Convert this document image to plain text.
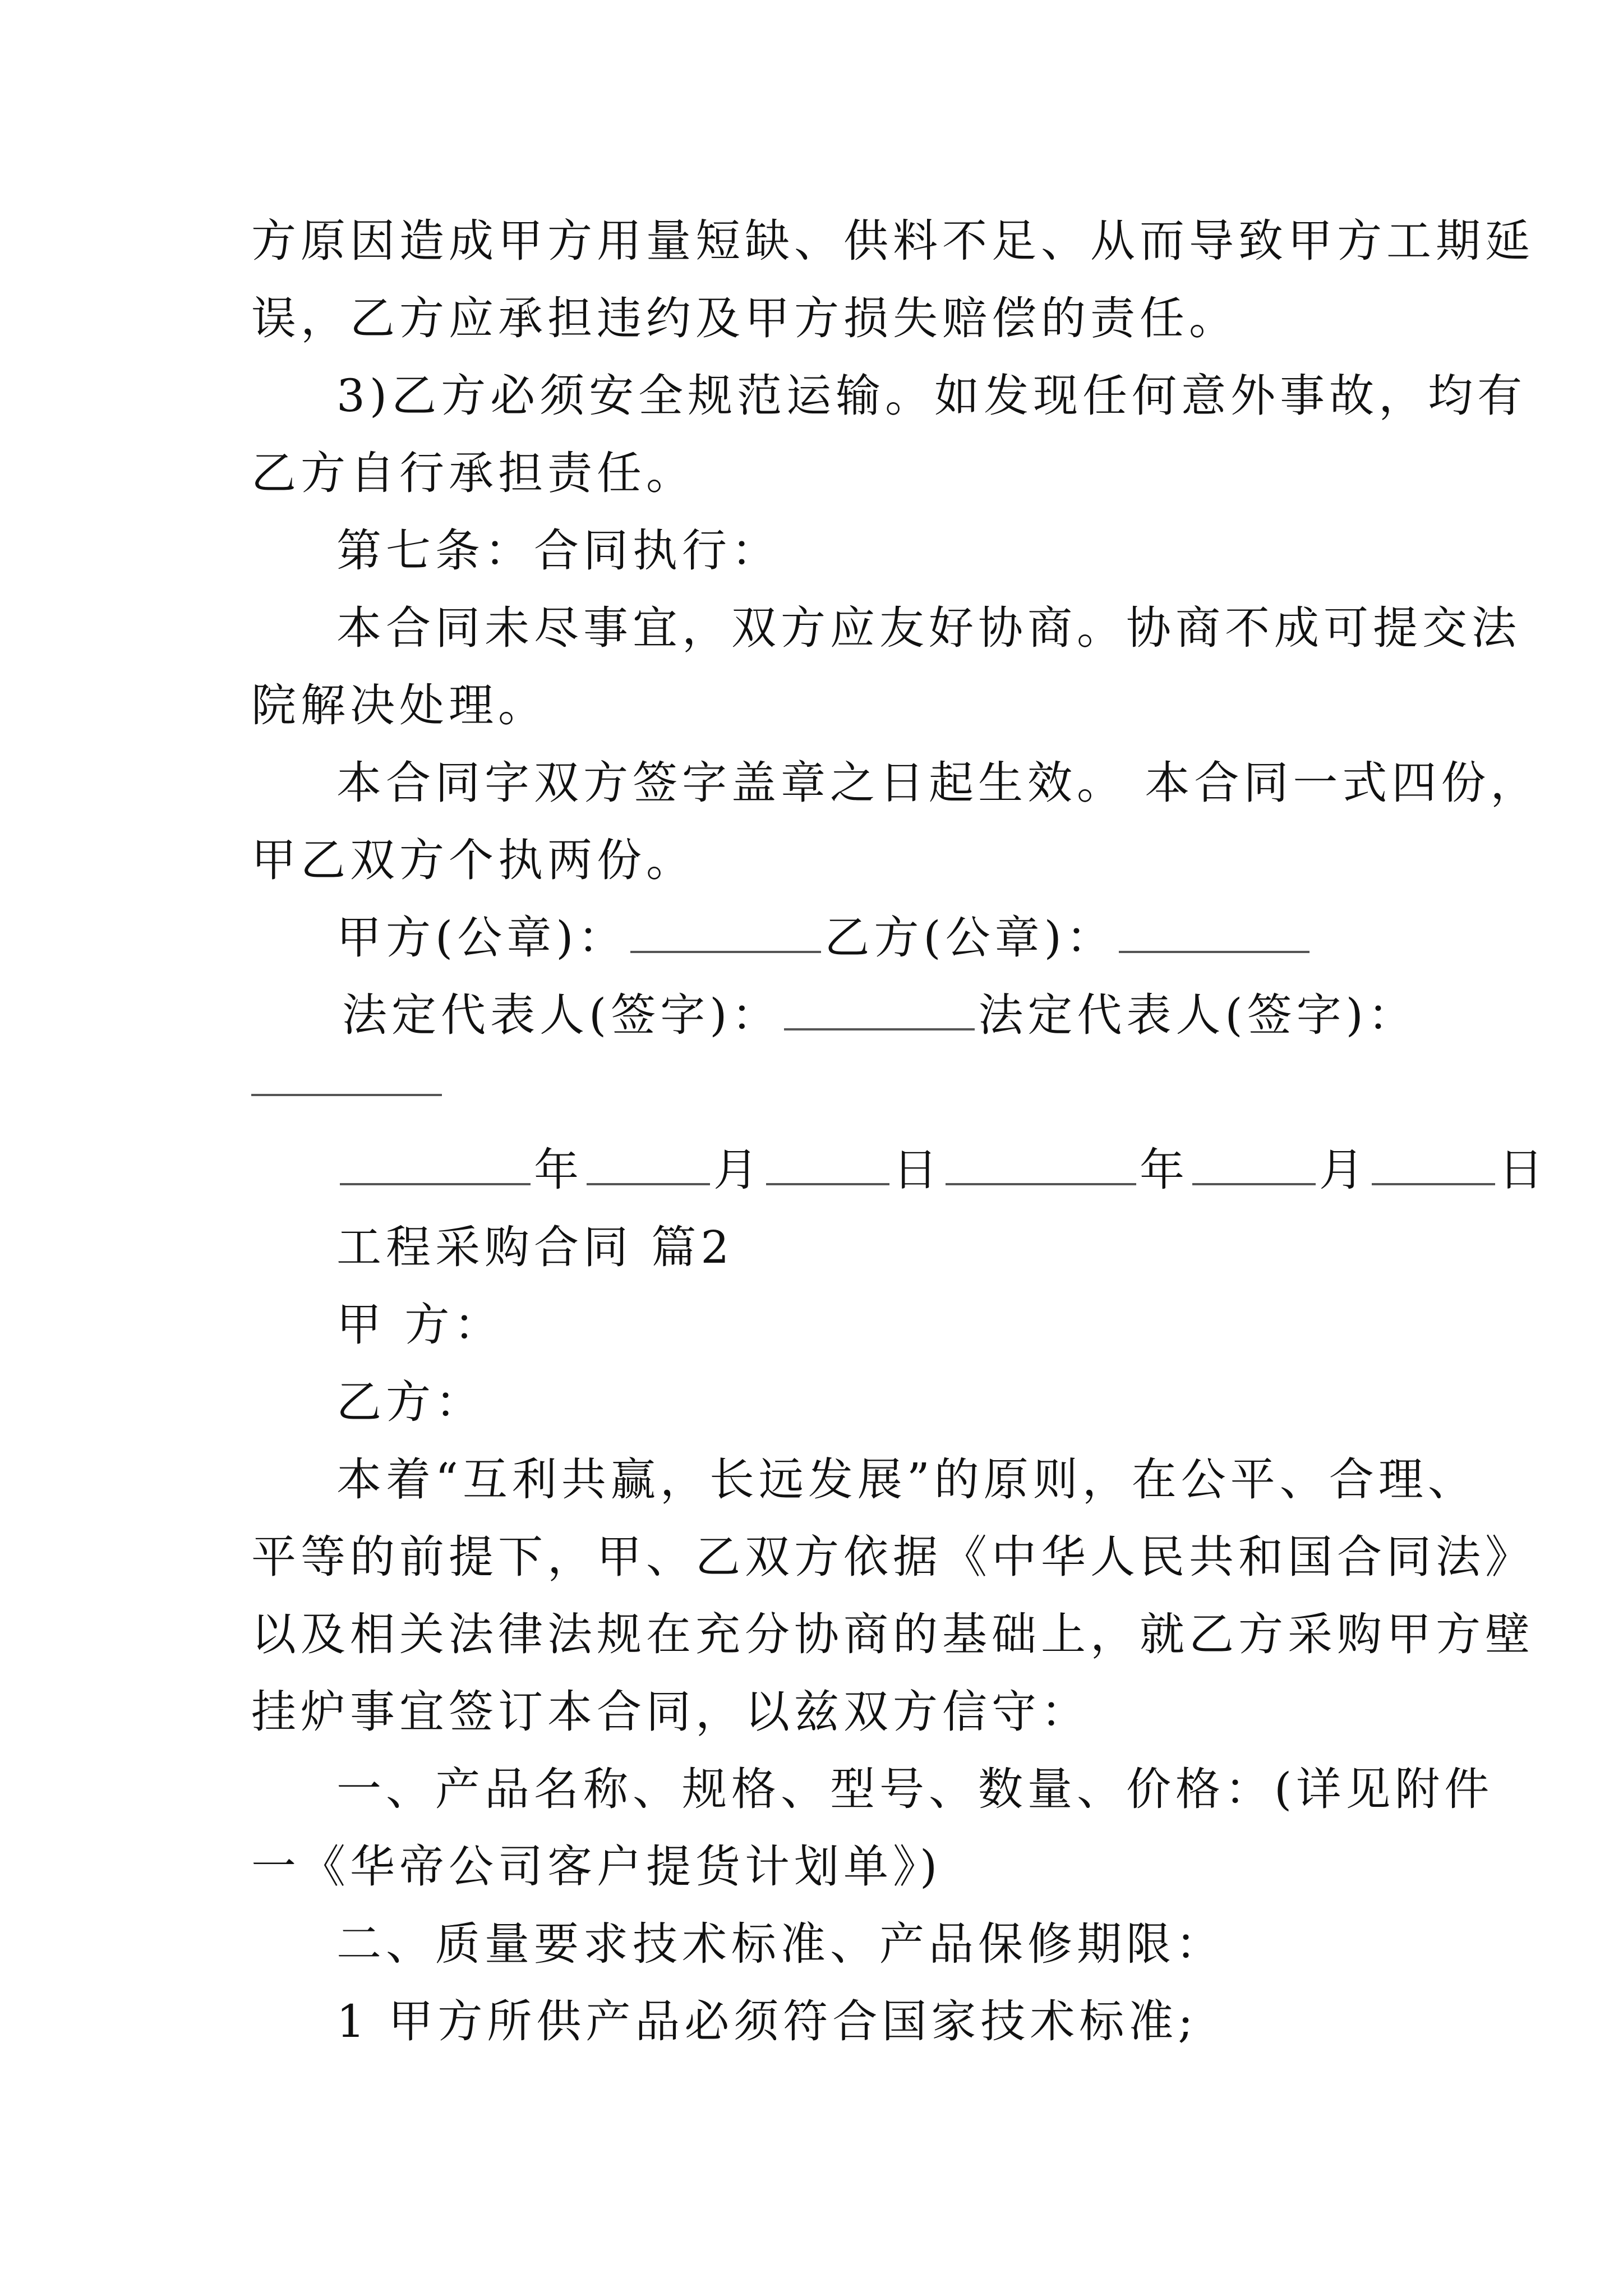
方原因造成甲方用量短缺、供料不足、从而导致甲方工期延
误，乙方应承担违约及甲方损失赔偿的责任。
3)乙方必须安全规范运输。如发现任何意外事故，均有
乙方自行承担责任。
第七条：合同执行：
本合同未尽事宜，双方应友好协商。协商不成可提交法
院解决处理。
本合同字双方签字盖章之日起生效。 本合同一式四份，
甲乙双方个执两份。
甲方(公章)：	乙方(公章)：
法定代表人(签字)：	法定代表人(签字)：
年	月	日	年	月	日
工程采购合同 篇2
甲 方：
乙方：
本着“互利共赢，长远发展”的原则，在公平、合理、
平等的前提下，甲、乙双方依据《中华人民共和国合同法》
以及相关法律法规在充分协商的基础上，就乙方采购甲方壁
挂炉事宜签订本合同，以兹双方信守：
一、产品名称、规格、型号、数量、价格：(详见附件
一《华帝公司客户提货计划单》)
二、质量要求技术标准、产品保修期限：
1 甲方所供产品必须符合国家技术标准;
